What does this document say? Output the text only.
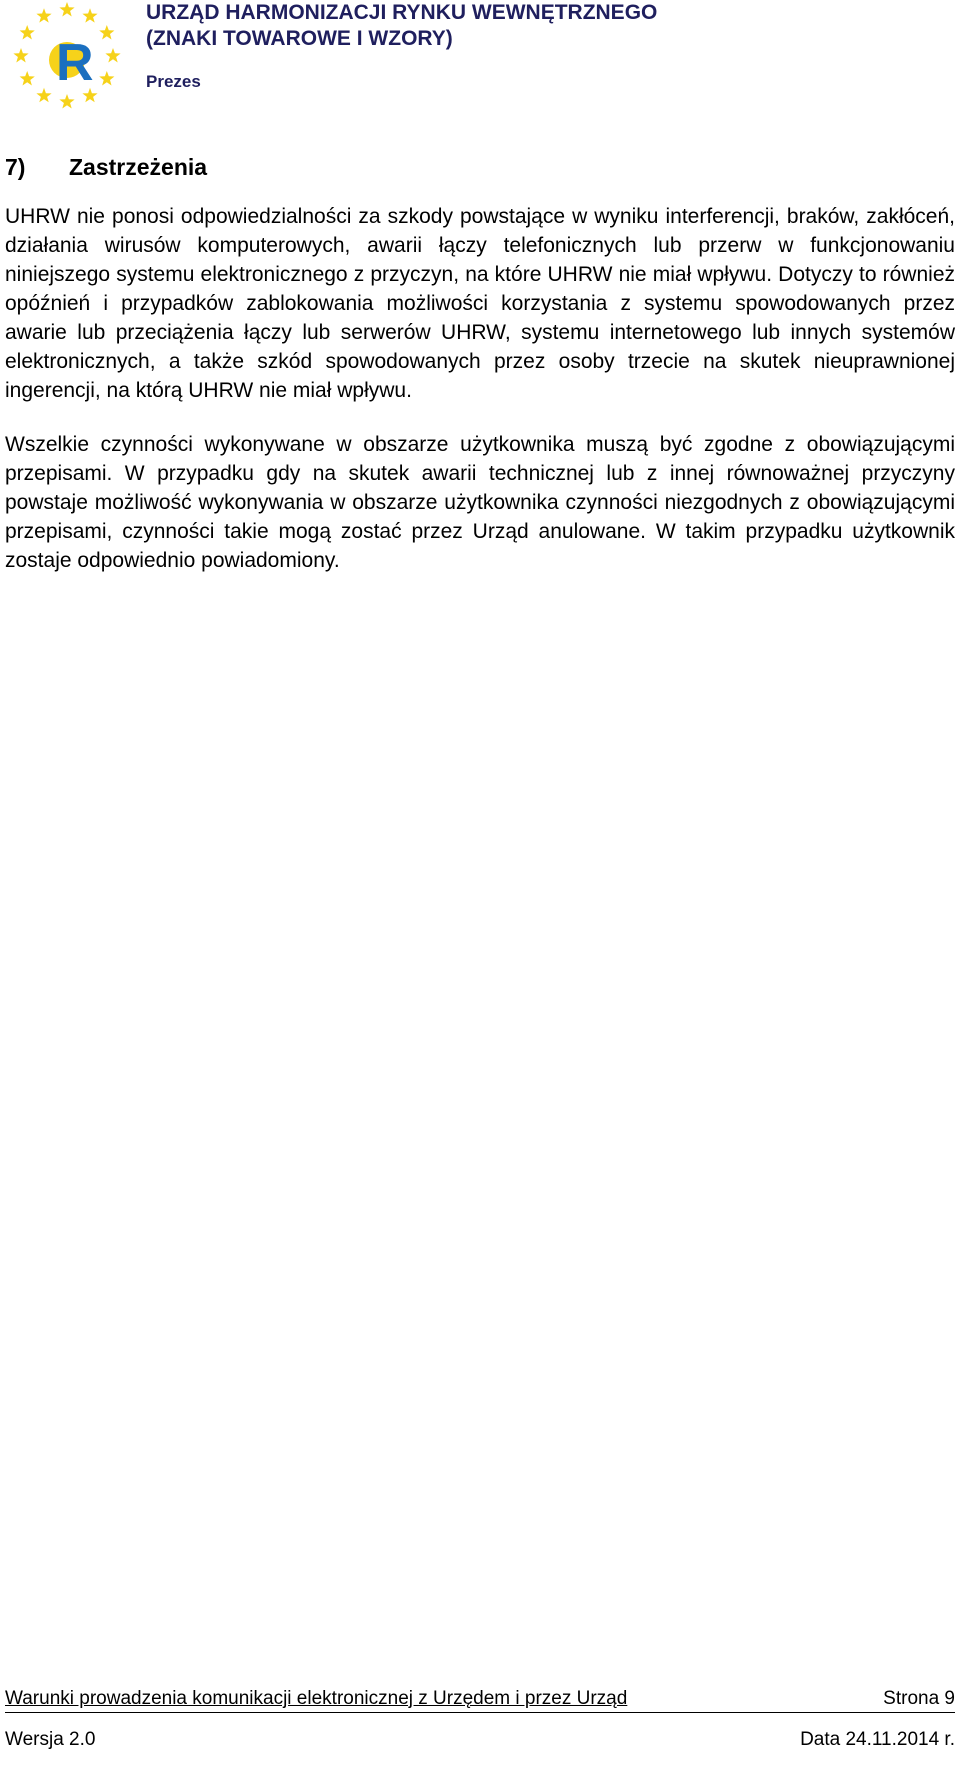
R
URZĄD HARMONIZACJI RYNKU WEWNĘTRZNEGO
(ZNAKI TOWAROWE I WZORY)
Prezes
7) Zastrzeżenia

UHRW nie ponosi odpowiedzialności za szkody powstające w wyniku interferencji, braków, zakłóceń, działania wirusów komputerowych, awarii łączy telefonicznych lub przerw w funkcjonowaniu niniejszego systemu elektronicznego z przyczyn, na które UHRW nie miał wpływu. Dotyczy to również opóźnień i przypadków zablokowania możliwości korzystania z systemu spowodowanych przez awarie lub przeciążenia łączy lub serwerów UHRW, systemu internetowego lub innych systemów elektronicznych, a także szkód spowodowanych przez osoby trzecie na skutek nieuprawnionej ingerencji, na którą UHRW nie miał wpływu.

Wszelkie czynności wykonywane w obszarze użytkownika muszą być zgodne z obowiązującymi przepisami. W przypadku gdy na skutek awarii technicznej lub z innej równoważnej przyczyny powstaje możliwość wykonywania w obszarze użytkownika czynności niezgodnych z obowiązującymi przepisami, czynności takie mogą zostać przez Urząd anulowane. W takim przypadku użytkownik zostaje odpowiednio powiadomiony.

Warunki prowadzenia komunikacji elektronicznej z Urzędem i przez Urząd	Strona 9
Wersja 2.0	Data 24.11.2014 r.
